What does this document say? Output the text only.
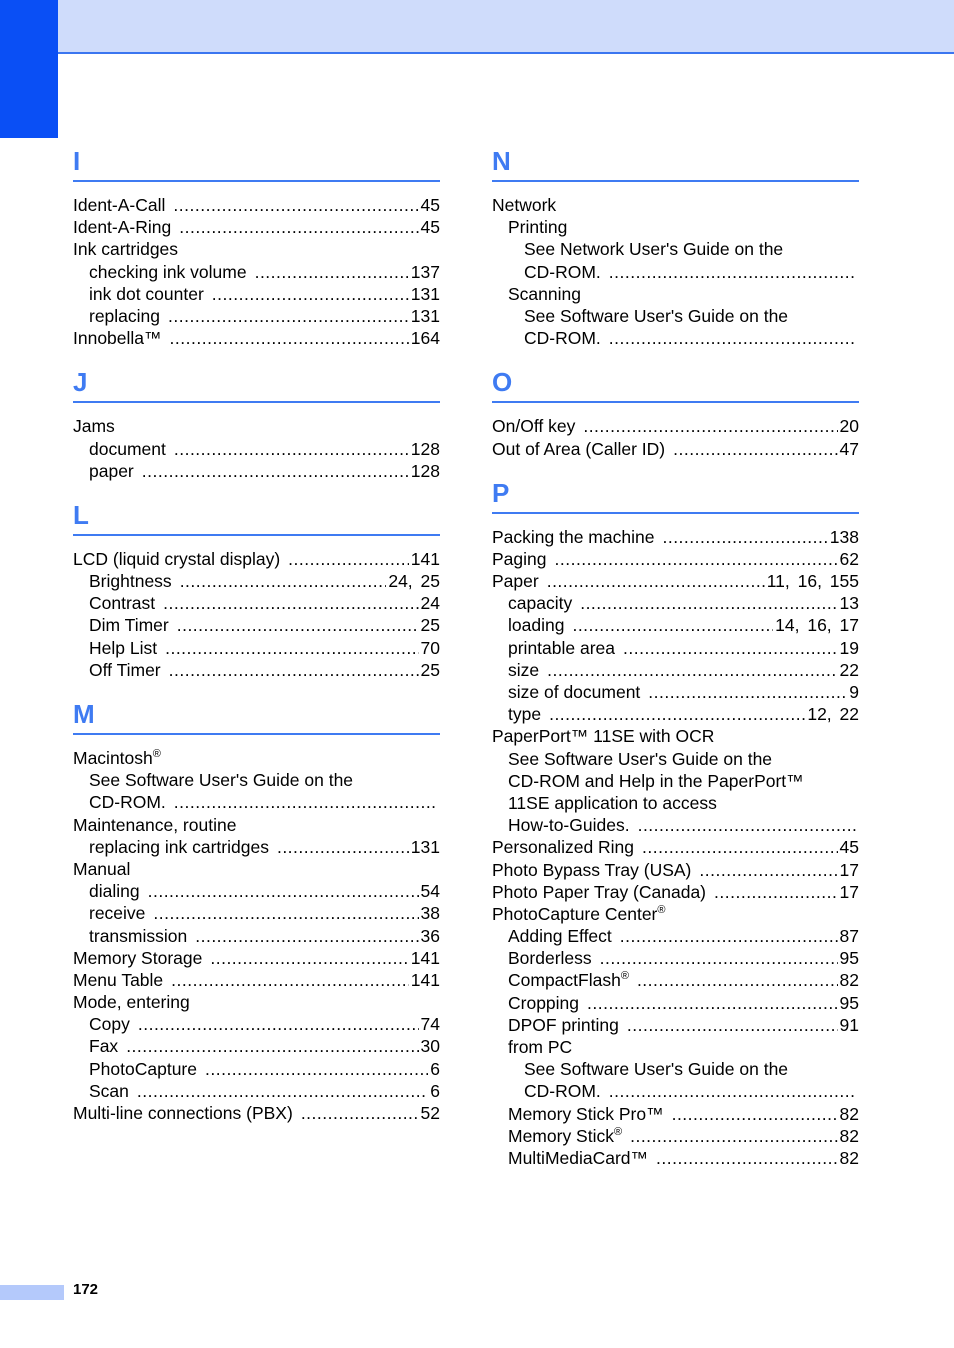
I
Ident-A-Call .....	45
Ident-A-Ring .....	45
Ink cartridges
checking ink volume .....	137
ink dot counter .....	131
replacing .....	131
Innobella™ .....	164
J
Jams
document .....	128
paper .....	128
L
LCD (liquid crystal display) .....	141
Brightness .....	24, 25
Contrast .....	24
Dim Timer .....	25
Help List .....	70
Off Timer .....	25
M
Macintosh®
See Software User's Guide on the
CD-ROM.
.....
Maintenance, routine
replacing ink cartridges .....	131
Manual
dialing .....	54
receive .....	38
transmission .....	36
Memory Storage .....	141
Menu Table .....	141
Mode, entering
Copy .....	74
Fax .....	30
PhotoCapture .....	6
Scan .....	6
Multi-line connections (PBX) .....	52
N
Network
Printing
See Network User's Guide on the
CD-ROM.
.....
Scanning
See Software User's Guide on the
CD-ROM.
.....
O
On/Off key .....	20
Out of Area (Caller ID) .....	47
P
Packing the machine .....	138
Paging .....	62
Paper .....	11, 16, 155
capacity .....	13
loading .....	14, 16, 17
printable area .....	19
size .....	22
size of document .....	9
type .....	12, 22
PaperPort™ 11SE with OCR
See Software User's Guide on the
CD-ROM and Help in the PaperPort™
11SE application to access
How-to-Guides.
.....
Personalized Ring .....	45
Photo Bypass Tray (USA) .....	17
Photo Paper Tray (Canada) .....	17
PhotoCapture Center®
Adding Effect .....	87
Borderless .....	95
CompactFlash® .....	82
Cropping .....	95
DPOF printing .....	91
from PC
See Software User's Guide on the
CD-ROM.
.....
Memory Stick Pro™ .....	82
Memory Stick® .....	82
MultiMediaCard™ .....	82
172
